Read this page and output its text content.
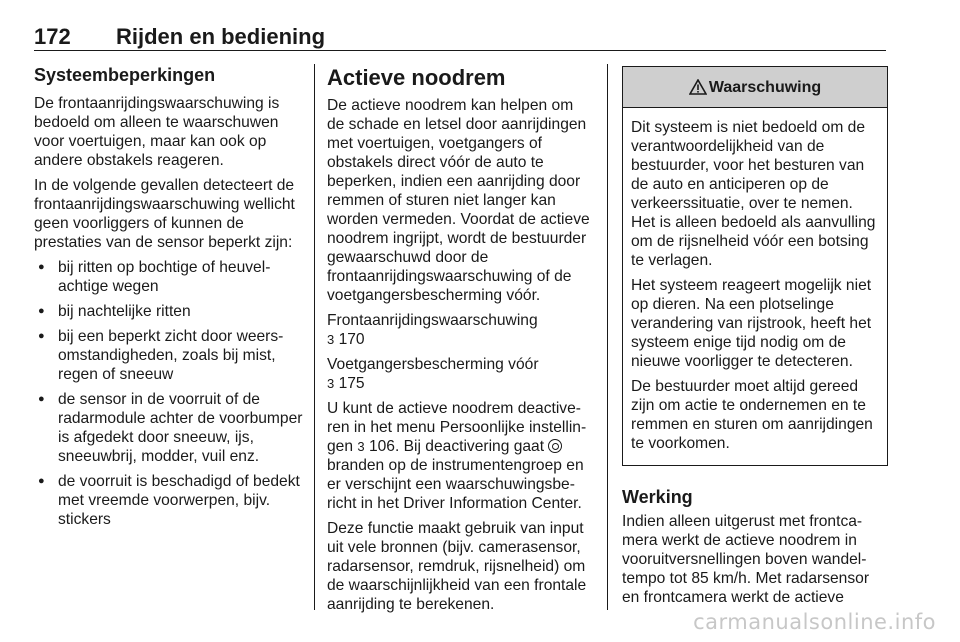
172 Rijden en bediening
Systeembeperkingen

De frontaanrijdingswaarschuwing is bedoeld om alleen te waarschuwen voor voertuigen, maar kan ook op andere obstakels reageren.

In de volgende gevallen detecteert de frontaanrijdingswaarschuwing wellicht geen voorliggers of kunnen de prestaties van de sensor beperkt zijn:

● bij ritten op bochtige of heuvelachtige wegen
● bij nachtelijke ritten
● bij een beperkt zicht door weersomstandigheden, zoals bij mist, regen of sneeuw
● de sensor in de voorruit of de radarmodule achter de voorbumper is afgedekt door sneeuw, ijs, sneeuwbrij, modder, vuil enz.
● de voorruit is beschadigd of bedekt met vreemde voorwerpen, bijv. stickers
Actieve noodrem

De actieve noodrem kan helpen om de schade en letsel door aanrijdingen met voertuigen, voetgangers of obstakels direct vóór de auto te beperken, indien een aanrijding door remmen of sturen niet langer kan worden vermeden. Voordat de actieve noodrem ingrijpt, wordt de bestuurder gewaarschuwd door de frontaanrijdingswaarschuwing of de voetgangersbescherming vóór.

Frontaanrijdingswaarschuwing
3 170

Voetgangersbescherming vóór
3 175

U kunt de actieve noodrem deactiveren in het menu Persoonlijke instellingen 3 106. Bij deactivering gaat  branden op de instrumentengroep en er verschijnt een waarschuwingsbericht in het Driver Information Center.

Deze functie maakt gebruik van input uit vele bronnen (bijv. camerasensor, radarsensor, remdruk, rijsnelheid) om de waarschijnlijkheid van een frontale aanrijding te berekenen.

Waarschuwing

Dit systeem is niet bedoeld om de verantwoordelijkheid van de bestuurder, voor het besturen van de auto en anticiperen op de verkeerssituatie, over te nemen. Het is alleen bedoeld als aanvulling om de rijsnelheid vóór een botsing te verlagen.

Het systeem reageert mogelijk niet op dieren. Na een plotselinge verandering van rijstrook, heeft het systeem enige tijd nodig om de nieuwe voorligger te detecteren.

De bestuurder moet altijd gereed zijn om actie te ondernemen en te remmen en sturen om aanrijdingen te voorkomen.

Werking

Indien alleen uitgerust met frontcamera werkt de actieve noodrem in vooruitversnellingen boven wandeltempo tot 85 km/h. Met radarsensor en frontcamera werkt de actieve

carmanualsonline.info
